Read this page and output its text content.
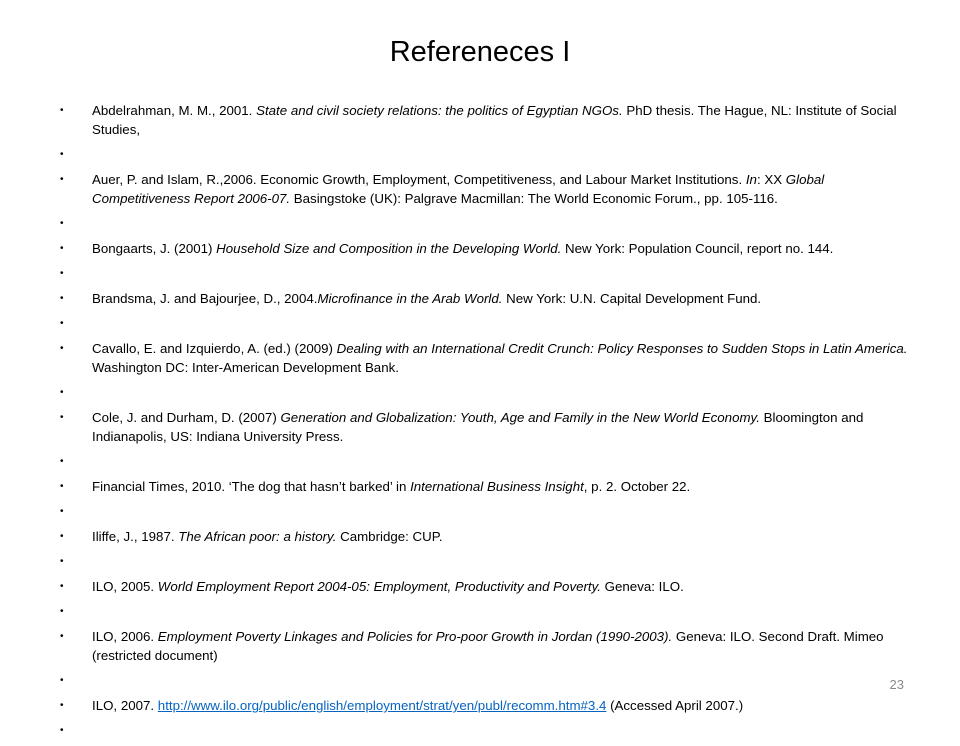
Refereneces I
•	Abdelrahman, M. M., 2001. State and civil society relations: the politics of Egyptian NGOs. PhD thesis. The Hague, NL: Institute of Social Studies,
•
•	Auer, P. and Islam, R.,2006. Economic Growth, Employment, Competitiveness, and Labour Market Institutions. In: XX Global Competitiveness Report 2006-07. Basingstoke (UK): Palgrave Macmillan: The World Economic Forum., pp. 105-116.
•
•	Bongaarts, J. (2001) Household Size and Composition in the Developing World. New York: Population Council, report no. 144.
•
•	Brandsma, J. and Bajourjee, D., 2004.Microfinance in the Arab World. New York: U.N. Capital Development Fund.
•
•	Cavallo, E. and Izquierdo, A. (ed.) (2009) Dealing with an International Credit Crunch: Policy Responses to Sudden Stops in Latin America. Washington DC: Inter-American Development Bank.
•
•	Cole, J. and Durham, D. (2007) Generation and Globalization: Youth, Age and Family in the New World Economy. Bloomington and Indianapolis, US: Indiana University Press.
•
•	Financial Times, 2010. ‘The dog that hasn’t barked’ in International Business Insight, p. 2. October 22.
•
•	Iliffe, J., 1987. The African poor: a history. Cambridge: CUP.
•
•	ILO, 2005. World Employment Report 2004-05: Employment, Productivity and Poverty. Geneva: ILO.
•
•	ILO, 2006. Employment Poverty Linkages and Policies for Pro-poor Growth in Jordan (1990-2003). Geneva: ILO. Second Draft. Mimeo (restricted document)
•
•	ILO, 2007. http://www.ilo.org/public/english/employment/strat/yen/publ/recomm.htm#3.4 (Accessed April 2007.)
•
23
